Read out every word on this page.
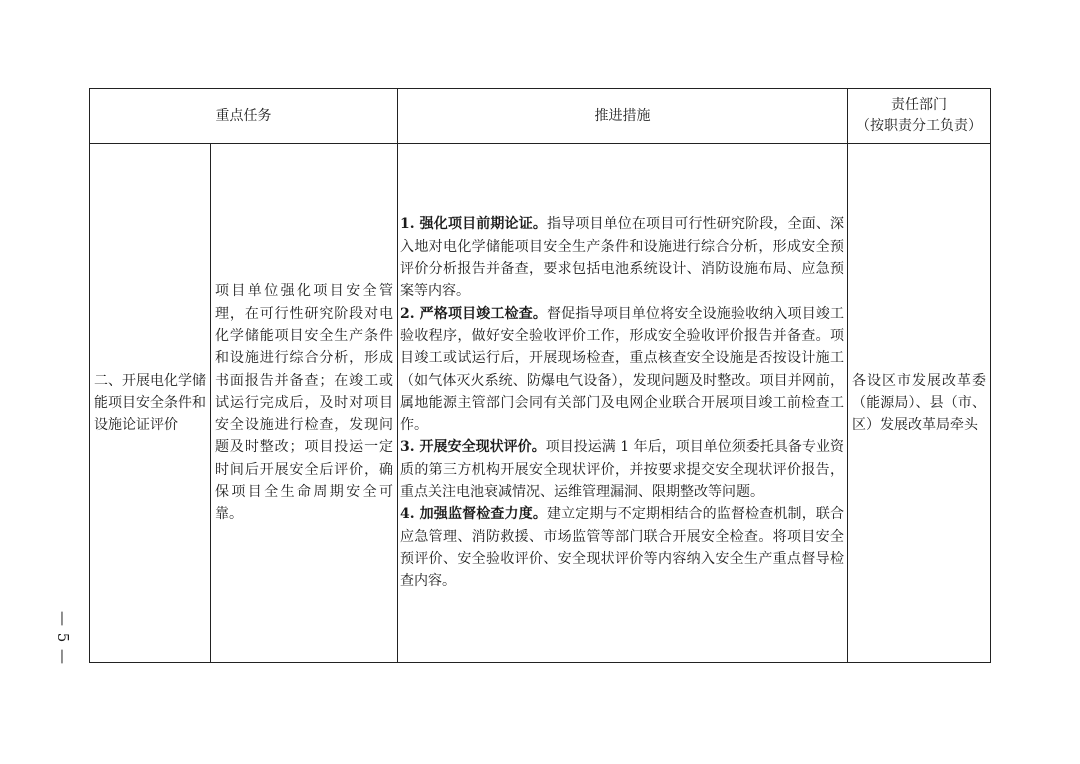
— 5 —
重点任务	推进措施
责任部门
（按职责分工负责）
二、开展电化学储能项目安全条件和设施论证评价
项目单位强化项目安全管理，在可行性研究阶段对电化学储能项目安全生产条件和设施进行综合分析，形成书面报告并备查；在竣工或试运行完成后，及时对项目安全设施进行检查，发现问题及时整改；项目投运一定时间后开展安全后评价，确保项目全生命周期安全可靠。
1. 强化项目前期论证。指导项目单位在项目可行性研究阶段，全面、深入地对电化学储能项目安全生产条件和设施进行综合分析，形成安全预评价分析报告并备查，要求包括电池系统设计、消防设施布局、应急预案等内容。
2. 严格项目竣工检查。督促指导项目单位将安全设施验收纳入项目竣工验收程序，做好安全验收评价工作，形成安全验收评价报告并备查。项目竣工或试运行后，开展现场检查，重点核查安全设施是否按设计施工（如气体灭火系统、防爆电气设备），发现问题及时整改。项目并网前，属地能源主管部门会同有关部门及电网企业联合开展项目竣工前检查工作。
3. 开展安全现状评价。项目投运满 1 年后，项目单位须委托具备专业资质的第三方机构开展安全现状评价，并按要求提交安全现状评价报告，重点关注电池衰减情况、运维管理漏洞、限期整改等问题。
4. 加强监督检查力度。建立定期与不定期相结合的监督检查机制，联合应急管理、消防救援、市场监管等部门联合开展安全检查。将项目安全预评价、安全验收评价、安全现状评价等内容纳入安全生产重点督导检查内容。
各设区市发展改革委（能源局）、县（市、区）发展改革局牵头
